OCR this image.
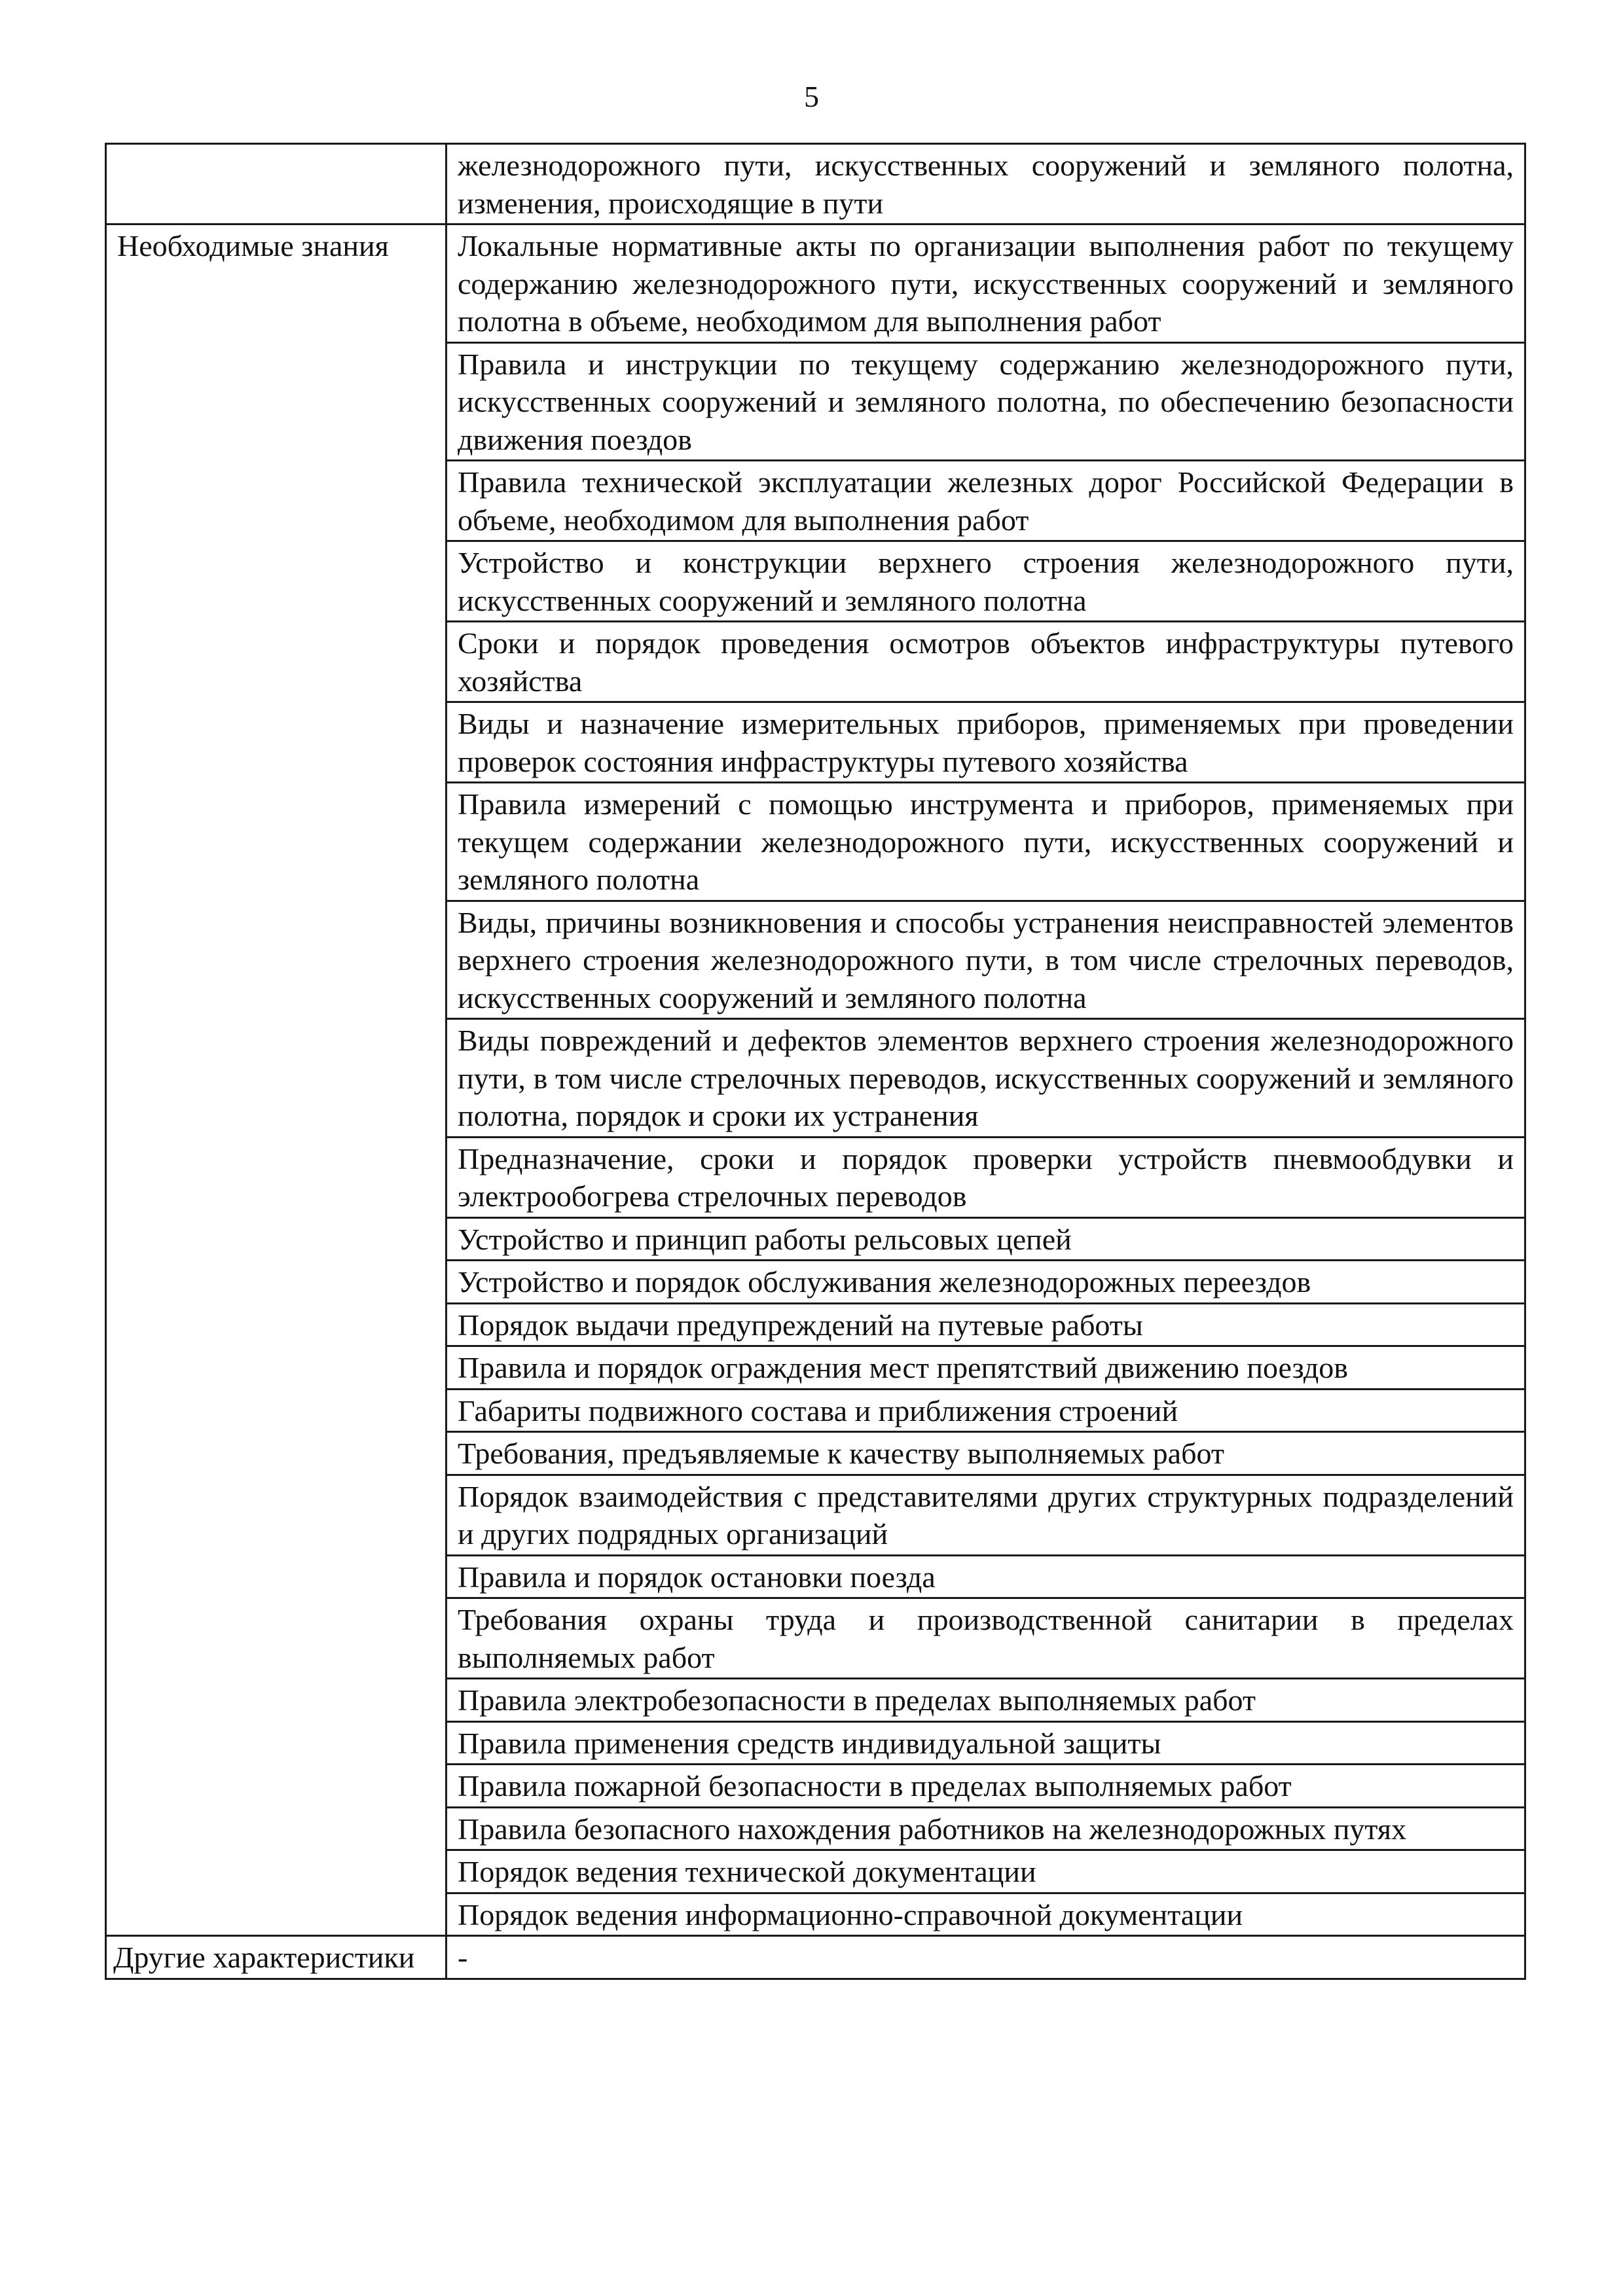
5
	железнодорожного пути, искусственных сооружений и земляного полотна, изменения, происходящие в пути
Необходимые знания	Локальные нормативные акты по организации выполнения работ по текущему содержанию железнодорожного пути, искусственных сооружений и земляного полотна в объеме, необходимом для выполнения работ
	Правила и инструкции по текущему содержанию железнодорожного пути, искусственных сооружений и земляного полотна, по обеспечению безопасности движения поездов
	Правила технической эксплуатации железных дорог Российской Федерации в объеме, необходимом для выполнения работ
	Устройство и конструкции верхнего строения железнодорожного пути, искусственных сооружений и земляного полотна
	Сроки и порядок проведения осмотров объектов инфраструктуры путевого хозяйства
	Виды и назначение измерительных приборов, применяемых при проведении проверок состояния инфраструктуры путевого хозяйства
	Правила измерений с помощью инструмента и приборов, применяемых при текущем содержании железнодорожного пути, искусственных сооружений и земляного полотна
	Виды, причины возникновения и способы устранения неисправностей элементов верхнего строения железнодорожного пути, в том числе стрелочных переводов, искусственных сооружений и земляного полотна
	Виды повреждений и дефектов элементов верхнего строения железнодорожного пути, в том числе стрелочных переводов, искусственных сооружений и земляного полотна, порядок и сроки их устранения
	Предназначение, сроки и порядок проверки устройств пневмообдувки и электрообогрева стрелочных переводов
	Устройство и принцип работы рельсовых цепей
	Устройство и порядок обслуживания железнодорожных переездов
	Порядок выдачи предупреждений на путевые работы
	Правила и порядок ограждения мест препятствий движению поездов
	Габариты подвижного состава и приближения строений
	Требования, предъявляемые к качеству выполняемых работ
	Порядок взаимодействия с представителями других структурных подразделений и других подрядных организаций
	Правила и порядок остановки поезда
	Требования охраны труда и производственной санитарии в пределах выполняемых работ
	Правила электробезопасности в пределах выполняемых работ
	Правила применения средств индивидуальной защиты
	Правила пожарной безопасности в пределах выполняемых работ
	Правила безопасного нахождения работников на железнодорожных путях
	Порядок ведения технической документации
	Порядок ведения информационно-справочной документации
Другие характеристики	-
